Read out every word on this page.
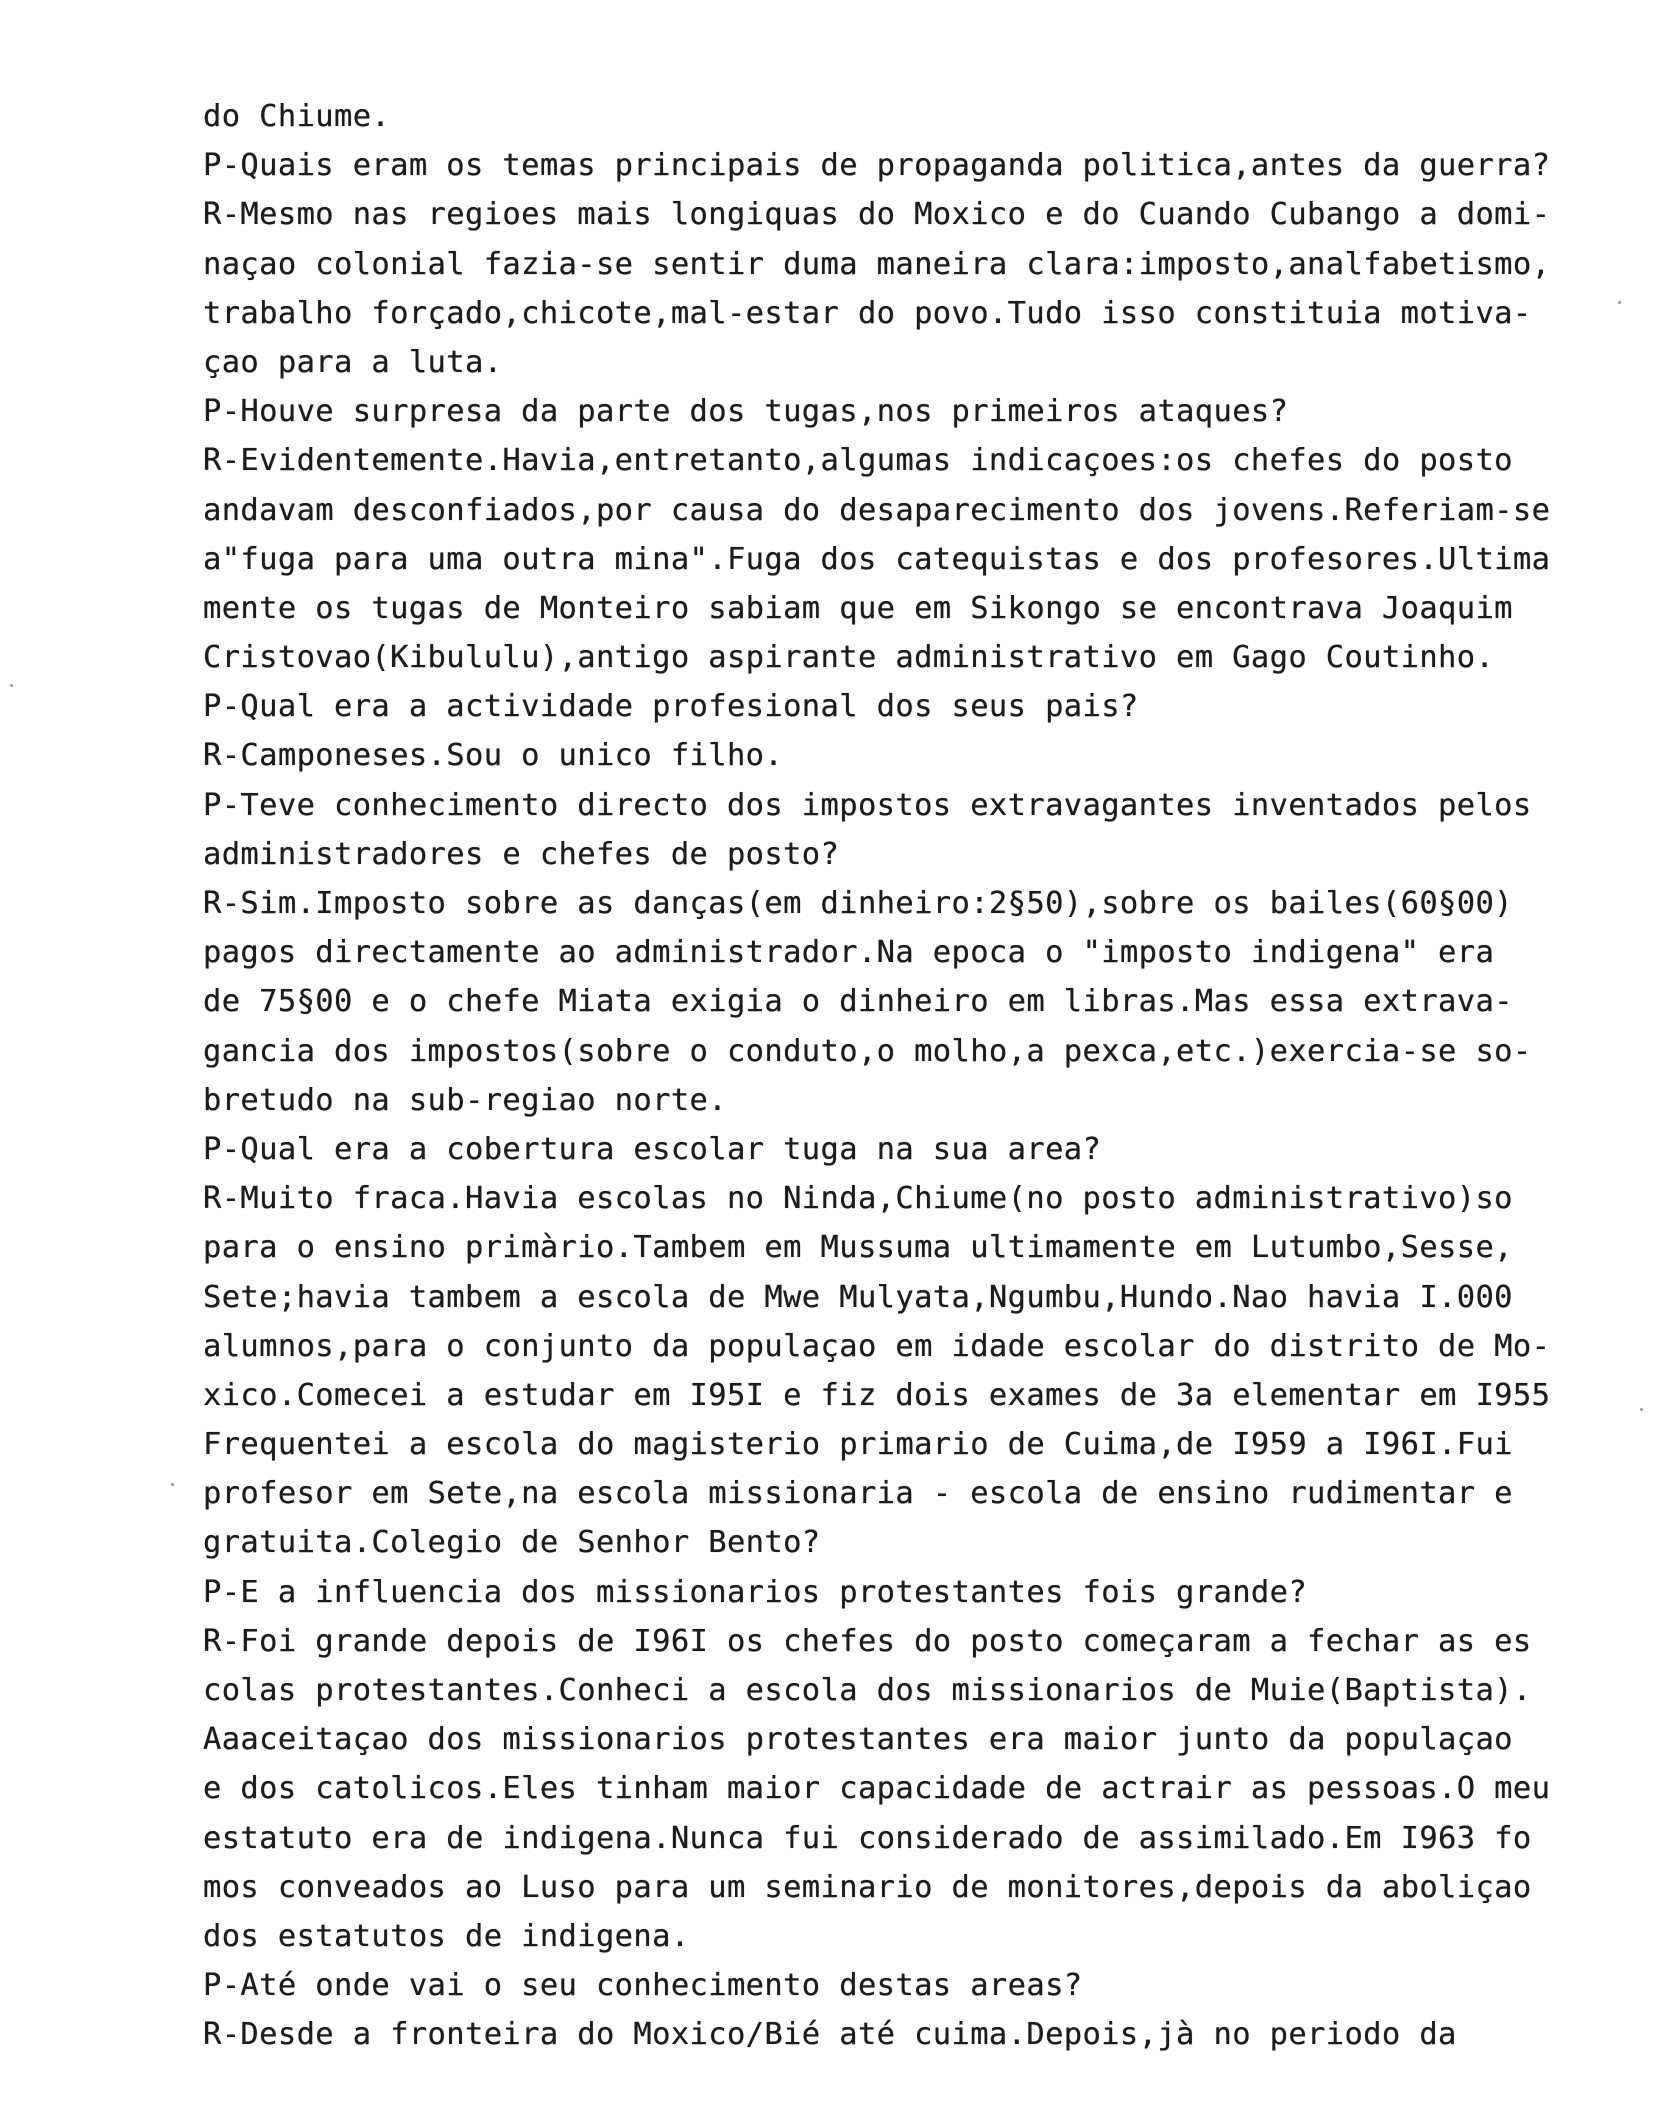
do Chiume.
P-Quais eram os temas principais de propaganda politica,antes da guerra?
R-Mesmo nas regioes mais longiquas do Moxico e do Cuando Cubango a domi-
naçao colonial fazia-se sentir duma maneira clara:imposto,analfabetismo,
trabalho forçado,chicote,mal-estar do povo.Tudo isso constituia motiva-
çao para a luta.
P-Houve surpresa da parte dos tugas,nos primeiros ataques?
R-Evidentemente.Havia,entretanto,algumas indicaçoes:os chefes do posto
andavam desconfiados,por causa do desaparecimento dos jovens.Referiam-se
a"fuga para uma outra mina".Fuga dos catequistas e dos profesores.Ultima
mente os tugas de Monteiro sabiam que em Sikongo se encontrava Joaquim
Cristovao(Kibululu),antigo aspirante administrativo em Gago Coutinho.
P-Qual era a actividade profesional dos seus pais?
R-Camponeses.Sou o unico filho.
P-Teve conhecimento directo dos impostos extravagantes inventados pelos
administradores e chefes de posto?
R-Sim.Imposto sobre as danças(em dinheiro:2§50),sobre os bailes(60§00)
pagos directamente ao administrador.Na epoca o "imposto indigena" era
de 75§00 e o chefe Miata exigia o dinheiro em libras.Mas essa extrava-
gancia dos impostos(sobre o conduto,o molho,a pexca,etc.)exercia-se so-
bretudo na sub-regiao norte.
P-Qual era a cobertura escolar tuga na sua area?
R-Muito fraca.Havia escolas no Ninda,Chiume(no posto administrativo)so
para o ensino primàrio.Tambem em Mussuma ultimamente em Lutumbo,Sesse,
Sete;havia tambem a escola de Mwe Mulyata,Ngumbu,Hundo.Nao havia I.000
alumnos,para o conjunto da populaçao em idade escolar do distrito de Mo-
xico.Comecei a estudar em I95I e fiz dois exames de 3a elementar em I955
Frequentei a escola do magisterio primario de Cuima,de I959 a I96I.Fui
profesor em Sete,na escola missionaria - escola de ensino rudimentar e
gratuita.Colegio de Senhor Bento?
P-E a influencia dos missionarios protestantes fois grande?
R-Foi grande depois de I96I os chefes do posto começaram a fechar as es
colas protestantes.Conheci a escola dos missionarios de Muie(Baptista).
Aaaceitaçao dos missionarios protestantes era maior junto da populaçao
e dos catolicos.Eles tinham maior capacidade de actrair as pessoas.O meu
estatuto era de indigena.Nunca fui considerado de assimilado.Em I963 fo
mos conveados ao Luso para um seminario de monitores,depois da aboliçao
dos estatutos de indigena.
P-Até onde vai o seu conhecimento destas areas?
R-Desde a fronteira do Moxico/Bié até cuima.Depois,jà no periodo da
